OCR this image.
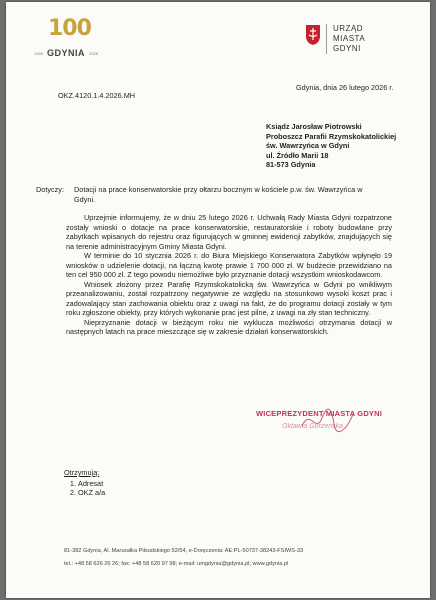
100
1926	2026
GDYNIA
URZĄD
MIASTA
GDYNI
Gdynia, dnia 26 lutego 2026 r.
OKZ.4120.1.4.2026.MH
Ksiądz Jarosław Piotrowski
Proboszcz Parafii Rzymskokatolickiej
św. Wawrzyńca w Gdyni
ul. Źródło Marii 18
81-573 Gdynia
Dotyczy: Dotacji na prace konserwatorskie przy ołtarzu bocznym w kościele p.w. św. Wawrzyńca w Gdyni.

Uprzejmie informujemy, że w dniu 25 lutego 2026 r. Uchwałą Rady Miasta Gdyni rozpatrzone zostały wnioski o dotacje na prace konserwatorskie, restauratorskie i roboty budowlane przy zabytkach wpisanych do rejestru oraz figurujących w gminnej ewidencji zabytków, znajdujących się na terenie administracyjnym Gminy Miasta Gdyni.

W terminie do 10 stycznia 2026 r. do Biura Miejskiego Konserwatora Zabytków wpłynęło 19 wniosków o udzielenie dotacji, na łączną kwotę prawie 1 700 000 zł. W budżecie przewidziano na ten cel 950 000 zł. Z tego powodu niemożliwe było przyznanie dotacji wszystkim wnioskodawcom.

Wniosek złożony przez Parafię Rzymskokatolicką św. Wawrzyńca w Gdyni po wnikliwym przeanalizowaniu, został rozpatrzony negatywnie ze względu na stosunkowo wysoki koszt prac i zadowalający stan zachowania obiektu oraz z uwagi na fakt, że do programu dotacji zostały w tym roku zgłoszone obiekty, przy których wykonanie prac jest pilne, z uwagi na zły stan techniczny.

Nieprzyznanie dotacji w bieżącym roku nie wyklucza możliwości otrzymania dotacji w następnych latach na prace mieszczące się w zakresie działań konserwatorskich.

WICEPREZYDENT MIASTA GDYNI
Oktawia Gorzeńska
Otrzymują:
1. Adresat
2. OKZ a/a
81-382 Gdynia, Al. Marszałka Piłsudskiego 52/54, e-Doręczenia: AE:PL-50737-38243-FSIWS-33
tel.: +48 58 626 26 26; fax: +48 58 620 97 98; e-mail: umgdynia@gdynia.pl; www.gdynia.pl
